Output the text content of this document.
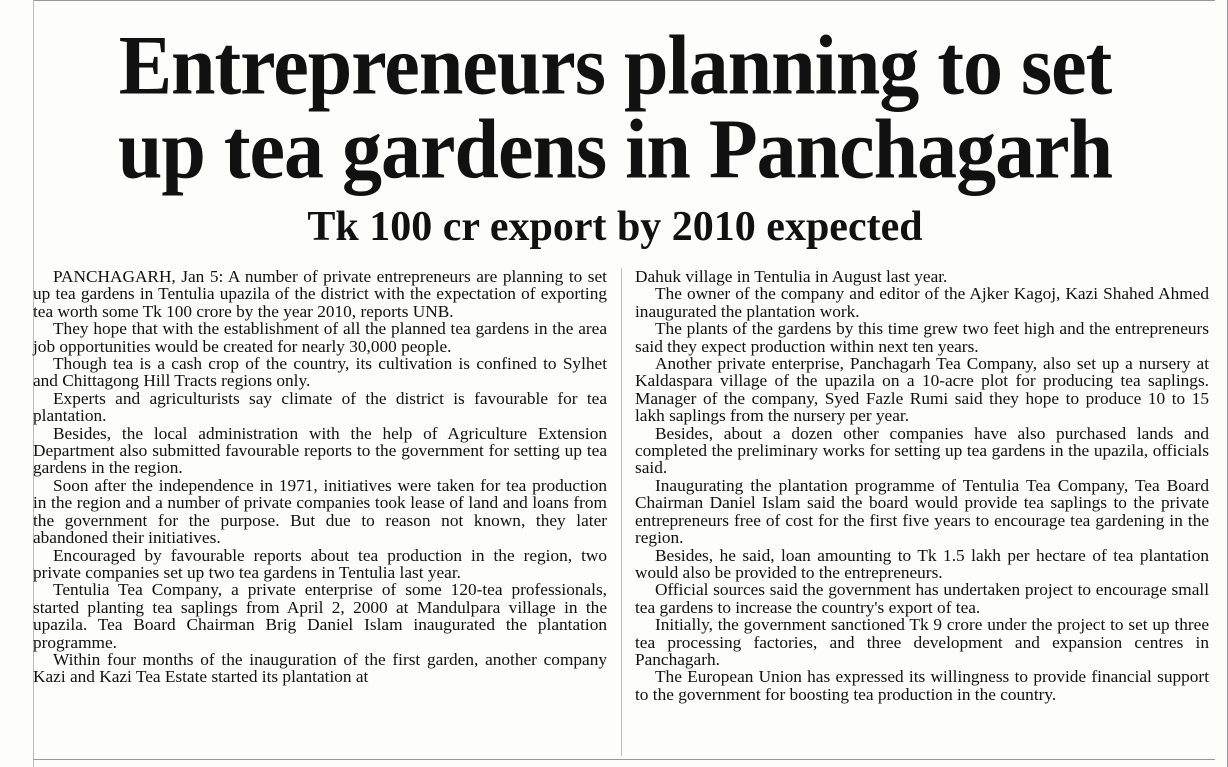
Entrepreneurs planning to set
up tea gardens in Panchagarh
Tk 100 cr export by 2010 expected

PANCHAGARH, Jan 5: A number of private entrepreneurs are planning to set up tea gardens in Tentulia upazila of the district with the expectation of exporting tea worth some Tk 100 crore by the year 2010, reports UNB.

They hope that with the establishment of all the planned tea gardens in the area job opportunities would be created for nearly 30,000 people.

Though tea is a cash crop of the country, its cultivation is confined to Sylhet and Chittagong Hill Tracts regions only.

Experts and agriculturists say climate of the district is favourable for tea plantation.

Besides, the local administration with the help of Agriculture Extension Department also submitted favourable reports to the government for setting up tea gardens in the region.

Soon after the independence in 1971, initiatives were taken for tea production in the region and a number of private companies took lease of land and loans from the government for the purpose. But due to reason not known, they later abandoned their initiatives.

Encouraged by favourable reports about tea production in the region, two private companies set up two tea gardens in Tentulia last year.

Tentulia Tea Company, a private enterprise of some 120-tea professionals, started planting tea saplings from April 2, 2000 at Mandulpara village in the upazila. Tea Board Chairman Brig Daniel Islam inaugurated the plantation programme.

Within four months of the inauguration of the first garden, another company Kazi and Kazi Tea Estate started its plantation at

Dahuk village in Tentulia in August last year.

The owner of the company and editor of the Ajker Kagoj, Kazi Shahed Ahmed inaugurated the plantation work.

The plants of the gardens by this time grew two feet high and the entrepreneurs said they expect production within next ten years.

Another private enterprise, Panchagarh Tea Company, also set up a nursery at Kaldaspara village of the upazila on a 10-acre plot for producing tea saplings. Manager of the company, Syed Fazle Rumi said they hope to produce 10 to 15 lakh saplings from the nursery per year.

Besides, about a dozen other companies have also purchased lands and completed the preliminary works for setting up tea gardens in the upazila, officials said.

Inaugurating the plantation programme of Tentulia Tea Company, Tea Board Chairman Daniel Islam said the board would provide tea saplings to the private entrepreneurs free of cost for the first five years to encourage tea gardening in the region.

Besides, he said, loan amounting to Tk 1.5 lakh per hectare of tea plantation would also be provided to the entrepreneurs.

Official sources said the government has undertaken project to encourage small tea gardens to increase the country's export of tea.

Initially, the government sanctioned Tk 9 crore under the project to set up three tea processing factories, and three development and expansion centres in Panchagarh.

The European Union has expressed its willingness to provide financial support to the government for boosting tea production in the country.
